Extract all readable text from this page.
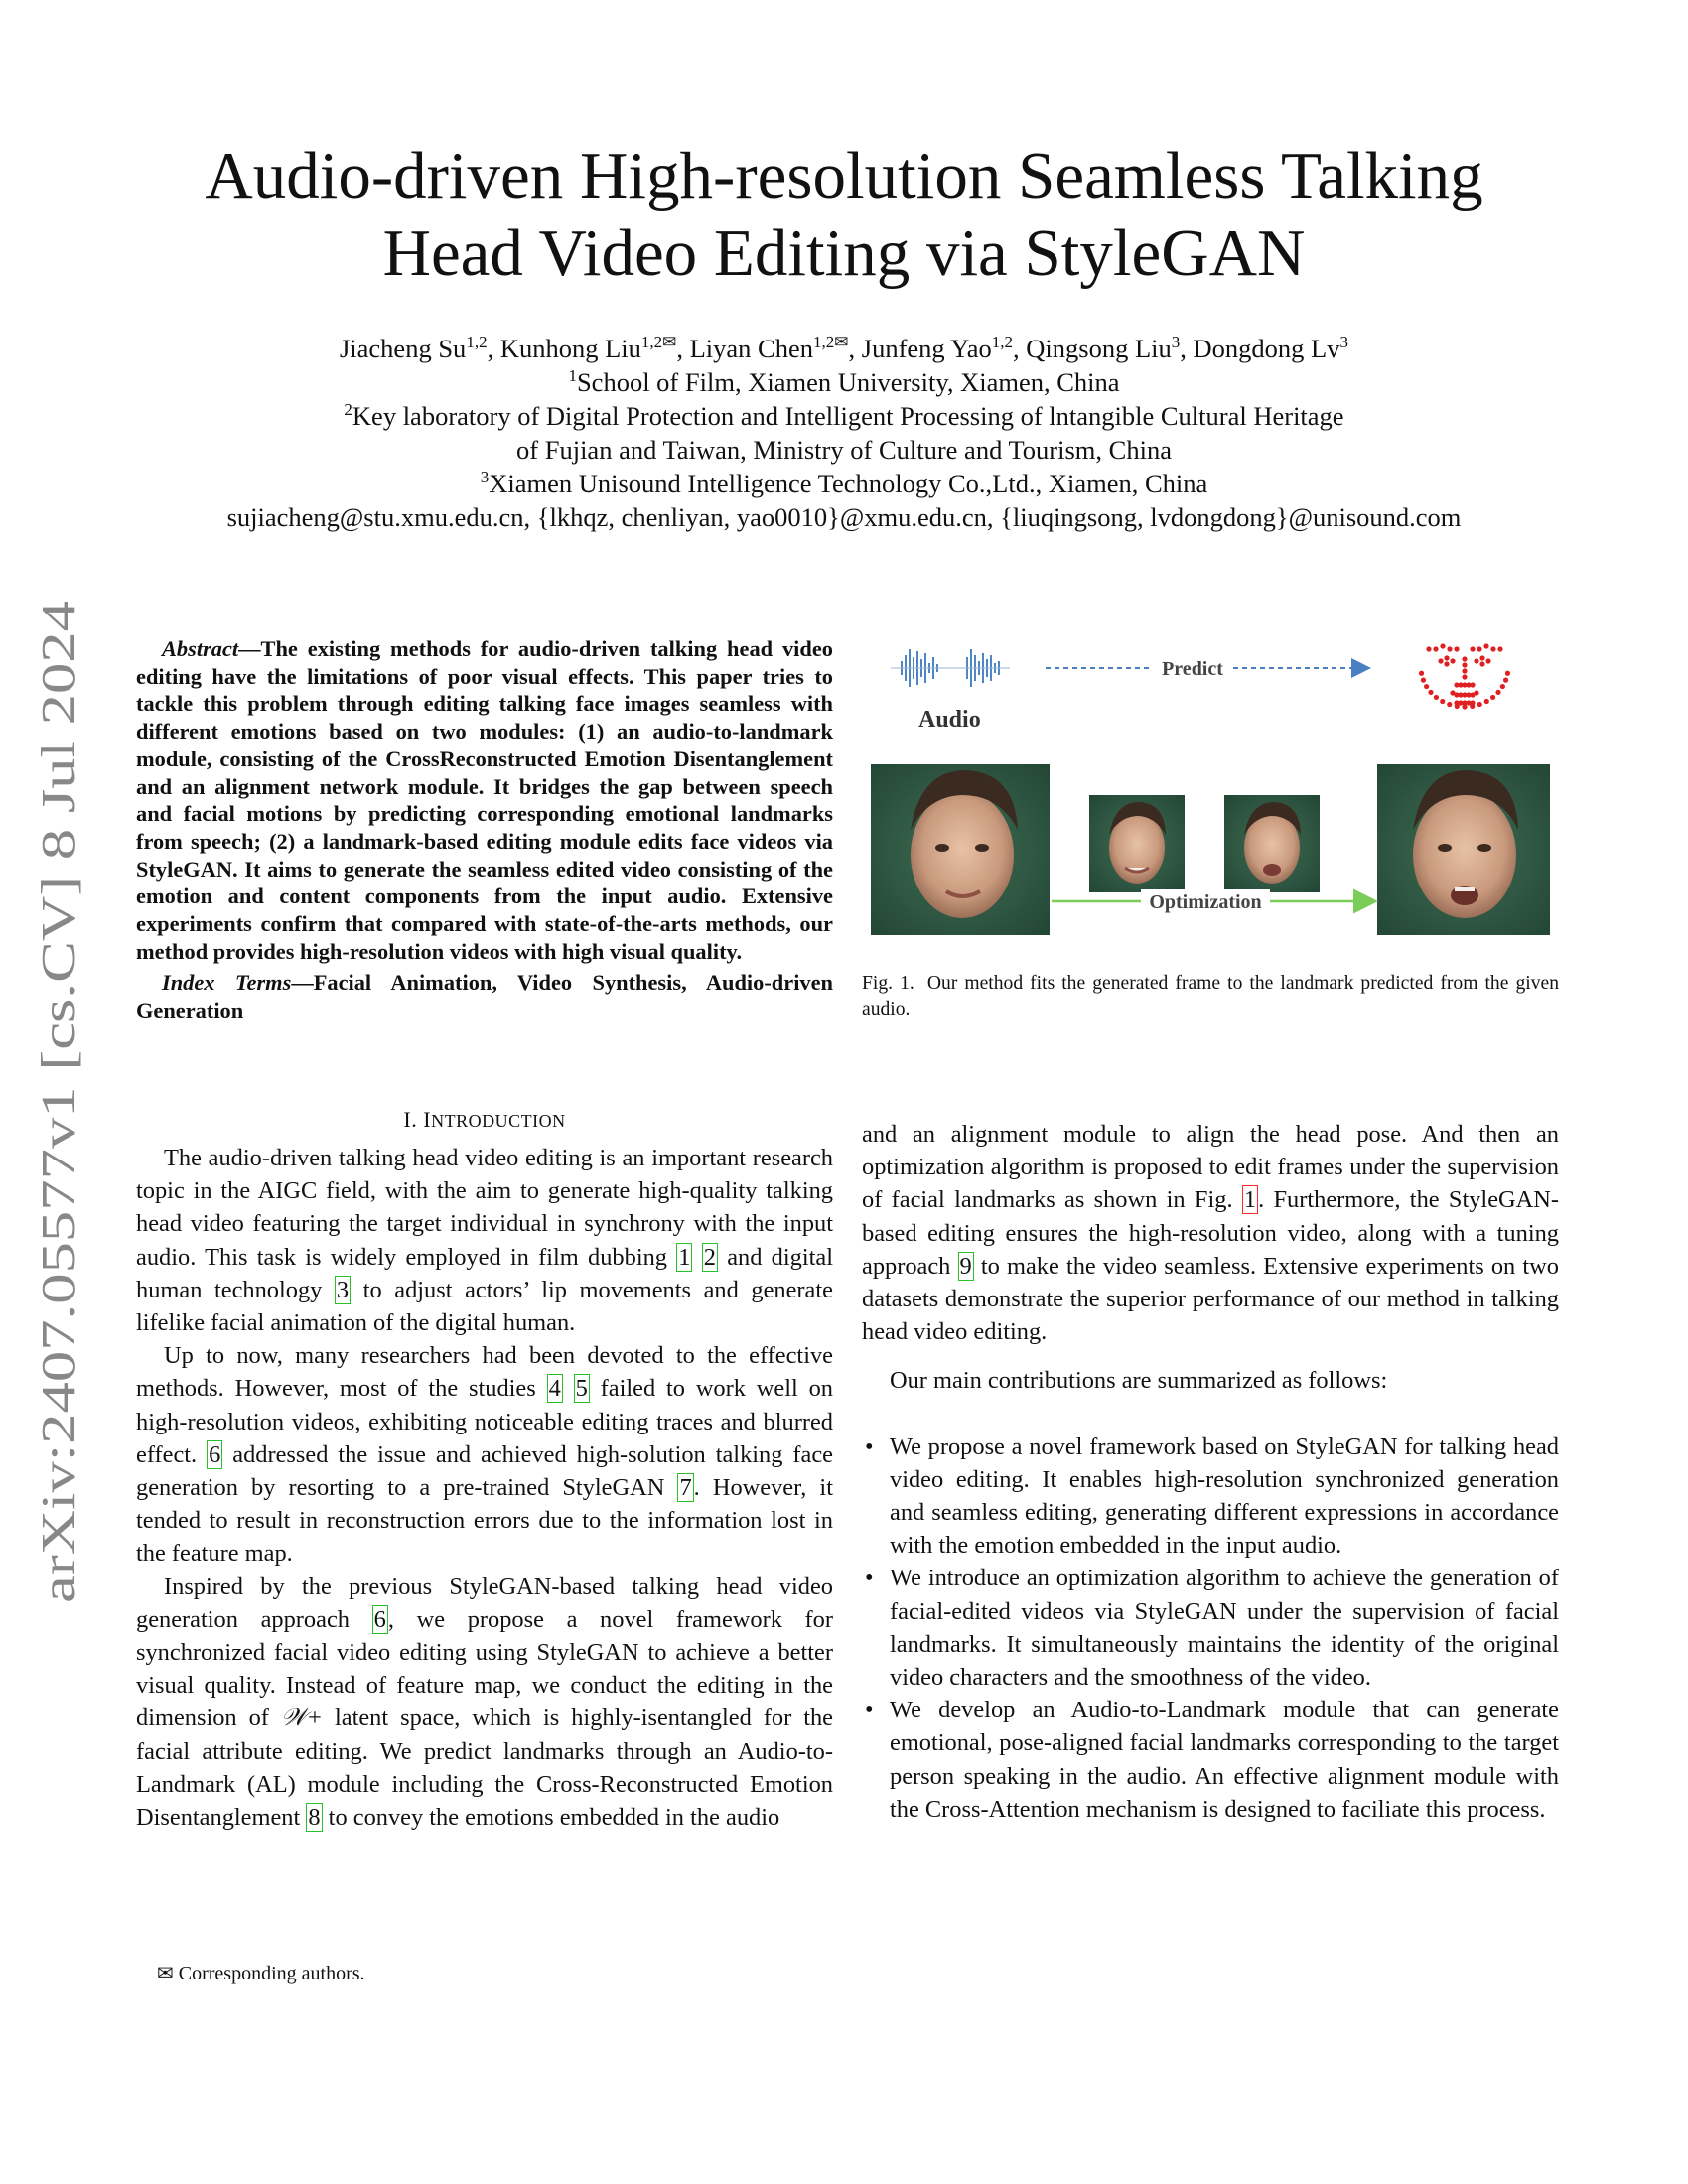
arXiv:2407.05577v1 [cs.CV] 8 Jul 2024
Audio-driven High-resolution Seamless Talking
Head Video Editing via StyleGAN
Jiacheng Su$^{1,2}$, Kunhong Liu$^{1,2✉}$, Liyan Chen$^{1,2✉}$, Junfeng Yao$^{1,2}$, Qingsong Liu$^3$, Dongdong Lv$^3$
$^1$School of Film, Xiamen University, Xiamen, China
$^2$Key laboratory of Digital Protection and Intelligent Processing of lntangible Cultural Heritage
of Fujian and Taiwan, Ministry of Culture and Tourism, China
$^3$Xiamen Unisound Intelligence Technology Co.,Ltd., Xiamen, China
sujiacheng@stu.xmu.edu.cn, {lkhqz, chenliyan, yao0010}@xmu.edu.cn, {liuqingsong, lvdongdong}@unisound.com

Abstract—The existing methods for audio-driven talking head video editing have the limitations of poor visual effects. This paper tries to tackle this problem through editing talking face images seamless with different emotions based on two modules: (1) an audio-to-landmark module, consisting of the CrossReconstructed Emotion Disentanglement and an alignment network module. It bridges the gap between speech and facial motions by predicting corresponding emotional landmarks from speech; (2) a landmark-based editing module edits face videos via StyleGAN. It aims to generate the seamless edited video consisting of the emotion and content components from the input audio. Extensive experiments confirm that compared with state-of-the-arts methods, our method provides high-resolution videos with high visual quality.

Index Terms—Facial Animation, Video Synthesis, Audio-driven Generation

I. INTRODUCTION

The audio-driven talking head video editing is an important research topic in the AIGC field, with the aim to generate high-quality talking head video featuring the target individual in synchrony with the input audio. This task is widely employed in film dubbing 1 2 and digital human technology 3 to adjust actors’ lip movements and generate lifelike facial animation of the digital human.

Up to now, many researchers had been devoted to the effective methods. However, most of the studies 4 5 failed to work well on high-resolution videos, exhibiting noticeable editing traces and blurred effect. 6 addressed the issue and achieved high-solution talking face generation by resorting to a pre-trained StyleGAN 7. However, it tended to result in reconstruction errors due to the information lost in the feature map.

Inspired by the previous StyleGAN-based talking head video generation approach 6, we propose a novel framework for synchronized facial video editing using StyleGAN to achieve a better visual quality. Instead of feature map, we conduct the editing in the dimension of 𝒲+ latent space, which is highly-isentangled for the facial attribute editing. We predict landmarks through an Audio-to-Landmark (AL) module including the Cross-Reconstructed Emotion Disentanglement 8 to convey the emotions embedded in the audio

✉ Corresponding authors.
Audio
Predict
Optimization
Fig. 1. Our method fits the generated frame to the landmark predicted from the given audio.

and an alignment module to align the head pose. And then an optimization algorithm is proposed to edit frames under the supervision of facial landmarks as shown in Fig. 1. Furthermore, the StyleGAN-based editing ensures the high-resolution video, along with a tuning approach 9 to make the video seamless. Extensive experiments on two datasets demonstrate the superior performance of our method in talking head video editing.

Our main contributions are summarized as follows:

• We propose a novel framework based on StyleGAN for talking head video editing. It enables high-resolution synchronized generation and seamless editing, generating different expressions in accordance with the emotion embedded in the input audio.
• We introduce an optimization algorithm to achieve the generation of facial-edited videos via StyleGAN under the supervision of facial landmarks. It simultaneously maintains the identity of the original video characters and the smoothness of the video.
• We develop an Audio-to-Landmark module that can generate emotional, pose-aligned facial landmarks corresponding to the target person speaking in the audio. An effective alignment module with the Cross-Attention mechanism is designed to faciliate this process.
